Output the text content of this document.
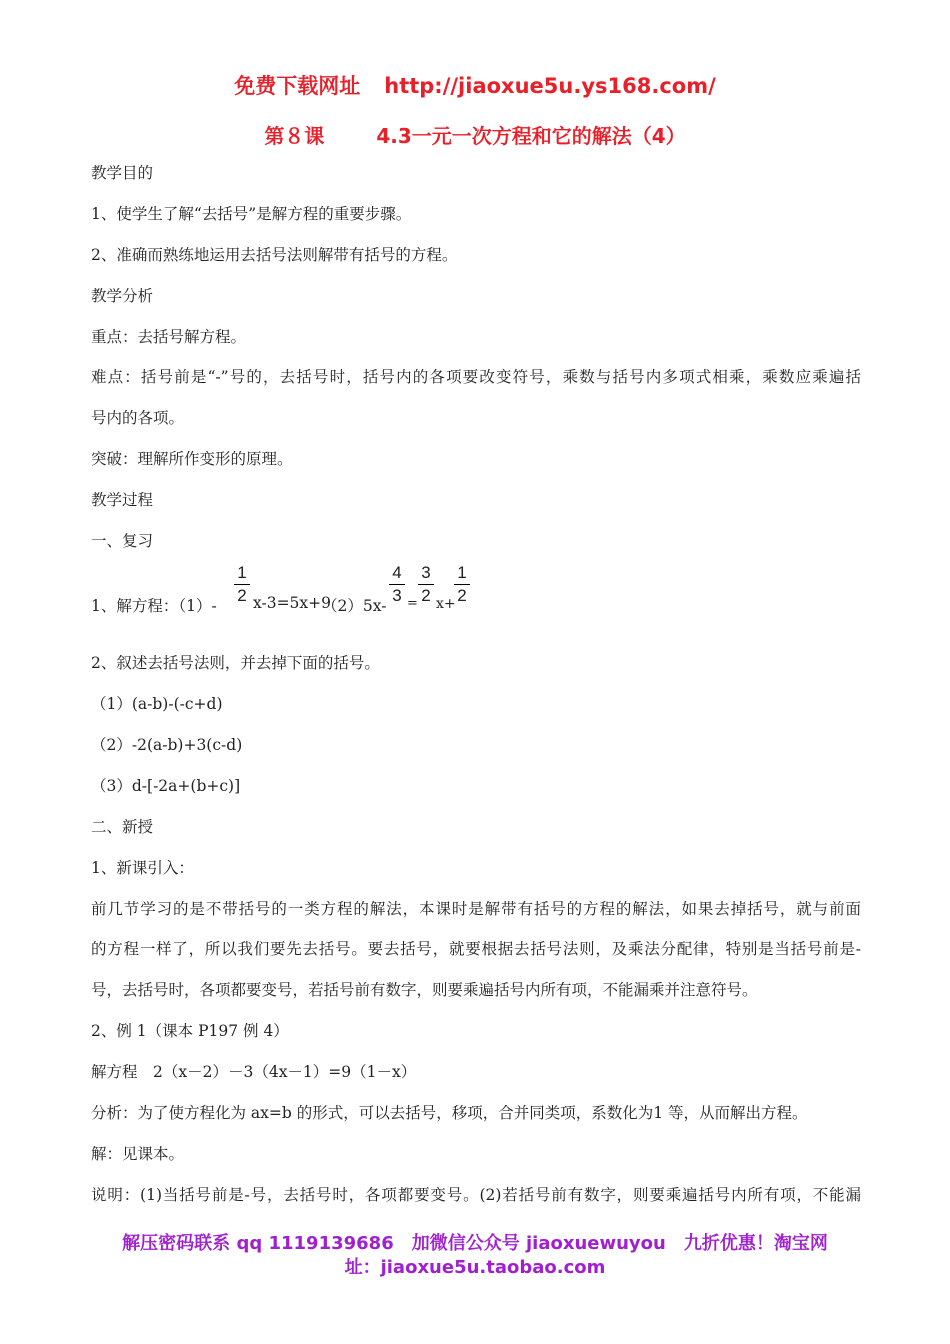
免费下载网址 http://jiaoxue5u.ys168.com/
第８课	4.3一元一次方程和它的解法（4）
教学目的
1、使学生了解“去括号”是解方程的重要步骤。
2、准确而熟练地运用去括号法则解带有括号的方程。
教学分析
重点：去括号解方程。
难点：括号前是“-”号的，去括号时，括号内的各项要改变符号，乘数与括号内多项式相乘，乘数应乘遍括
号内的各项。
突破：理解所作变形的原理。
教学过程
一、复习
1、解方程：$(1)- \frac{1}{2} x-3=5x+9$
$(2)5x- \frac{4}{3} = \frac{3}{2} x+$
$\frac{1}{2}$
2、叙述去括号法则，并去掉下面的括号。
（1）(a-b)-(-c+d)
（2）-2(a-b)+3(c-d)
（3）d-[-2a+(b+c)]
二、新授
1、新课引入：
前几节学习的是不带括号的一类方程的解法，本课时是解带有括号的方程的解法，如果去掉括号，就与前面
的方程一样了，所以我们要先去括号。要去括号，就要根据去括号法则，及乘法分配律，特别是当括号前是-
号，去括号时，各项都要变号，若括号前有数字，则要乘遍括号内所有项，不能漏乘并注意符号。
2、例 1（课本 P197 例 4）
解方程　2（x－2）－3（4x－1）=9（1－x）
分析：为了使方程化为 ax=b 的形式，可以去括号，移项，合并同类项，系数化为1 等，从而解出方程。
解：见课本。
说明：(1)当括号前是-号，去括号时，各项都要变号。(2)若括号前有数字，则要乘遍括号内所有项，不能漏
解压密码联系 qq 1119139686　加微信公众号 jiaoxuewuyou　九折优惠！淘宝网
址：jiaoxue5u.taobao.com
